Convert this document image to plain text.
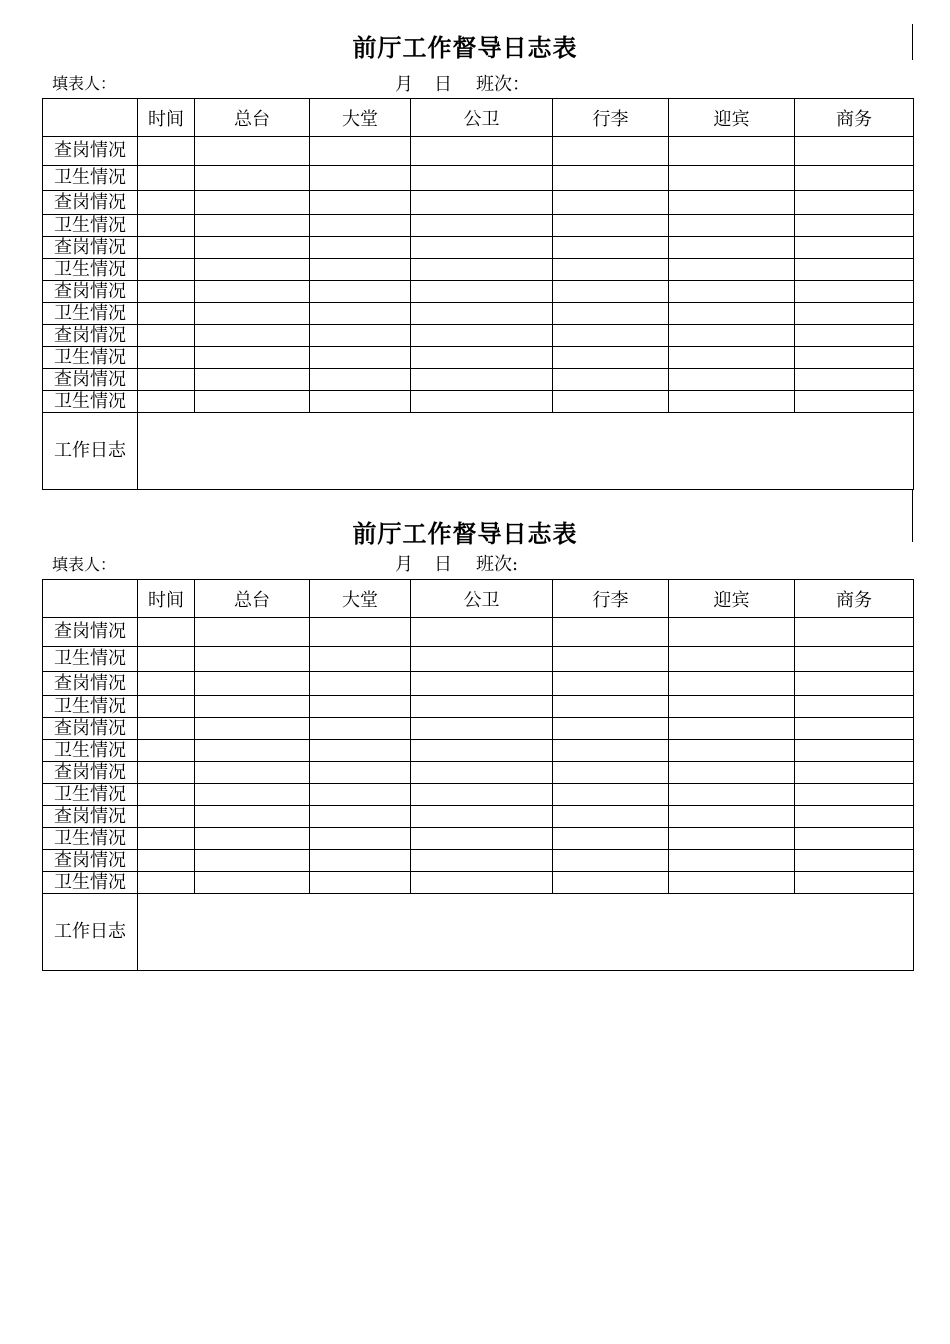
前厅工作督导日志表
填表人：	月 日 班次：
	时间	总台	大堂	公卫	行李	迎宾	商务
查岗情况							
卫生情况							
查岗情况							
卫生情况							
查岗情况							
卫生情况							
查岗情况							
卫生情况							
查岗情况							
卫生情况							
查岗情况							
卫生情况							
工作日志							
前厅工作督导日志表
填表人：	月 日 班次:
	时间	总台	大堂	公卫	行李	迎宾	商务
查岗情况							
卫生情况							
查岗情况							
卫生情况							
查岗情况							
卫生情况							
查岗情况							
卫生情况							
查岗情况							
卫生情况							
查岗情况							
卫生情况							
工作日志							
